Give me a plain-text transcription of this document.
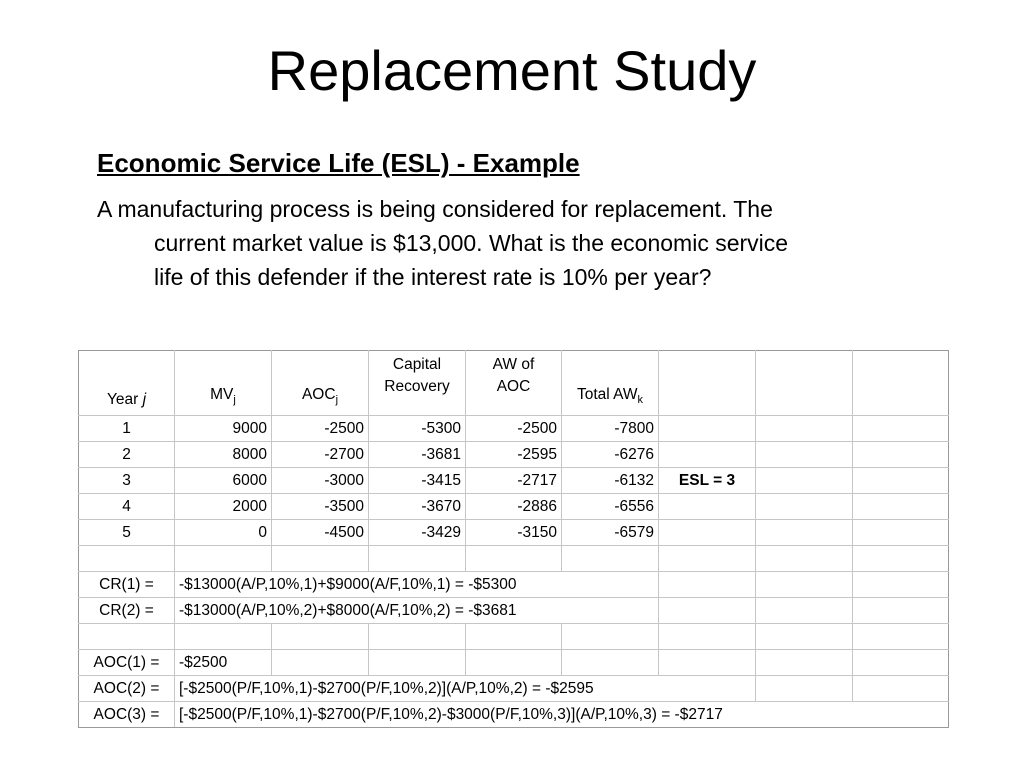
Replacement Study
Economic Service Life (ESL) - Example
A manufacturing process is being considered for replacement. The
current market value is $13,000. What is the economic service
life of this defender if the interest rate is 10% per year?
Year j	$MV_j$	$AOC_j$	Capital
Recovery	AW of
AOC	Total $AW_k$			
1	9000	-2500	-5300	-2500	-7800			
2	8000	-2700	-3681	-2595	-6276			
3	6000	-3000	-3415	-2717	-6132	ESL = 3		
4	2000	-3500	-3670	-2886	-6556			
5	0	-4500	-3429	-3150	-6579			

CR(1) =	-$13000(A/P,10%,1)+$9000(A/F,10%,1) = -$5300							
CR(2) =	-$13000(A/P,10%,2)+$8000(A/F,10%,2) = -$3681							

AOC(1) =	-$2500							
AOC(2) =	[-$2500(P/F,10%,1)-$2700(P/F,10%,2)](A/P,10%,2) = -$2595							
AOC(3) =	[-$2500(P/F,10%,1)-$2700(P/F,10%,2)-$3000(P/F,10%,3)](A/P,10%,3) = -$2717							
